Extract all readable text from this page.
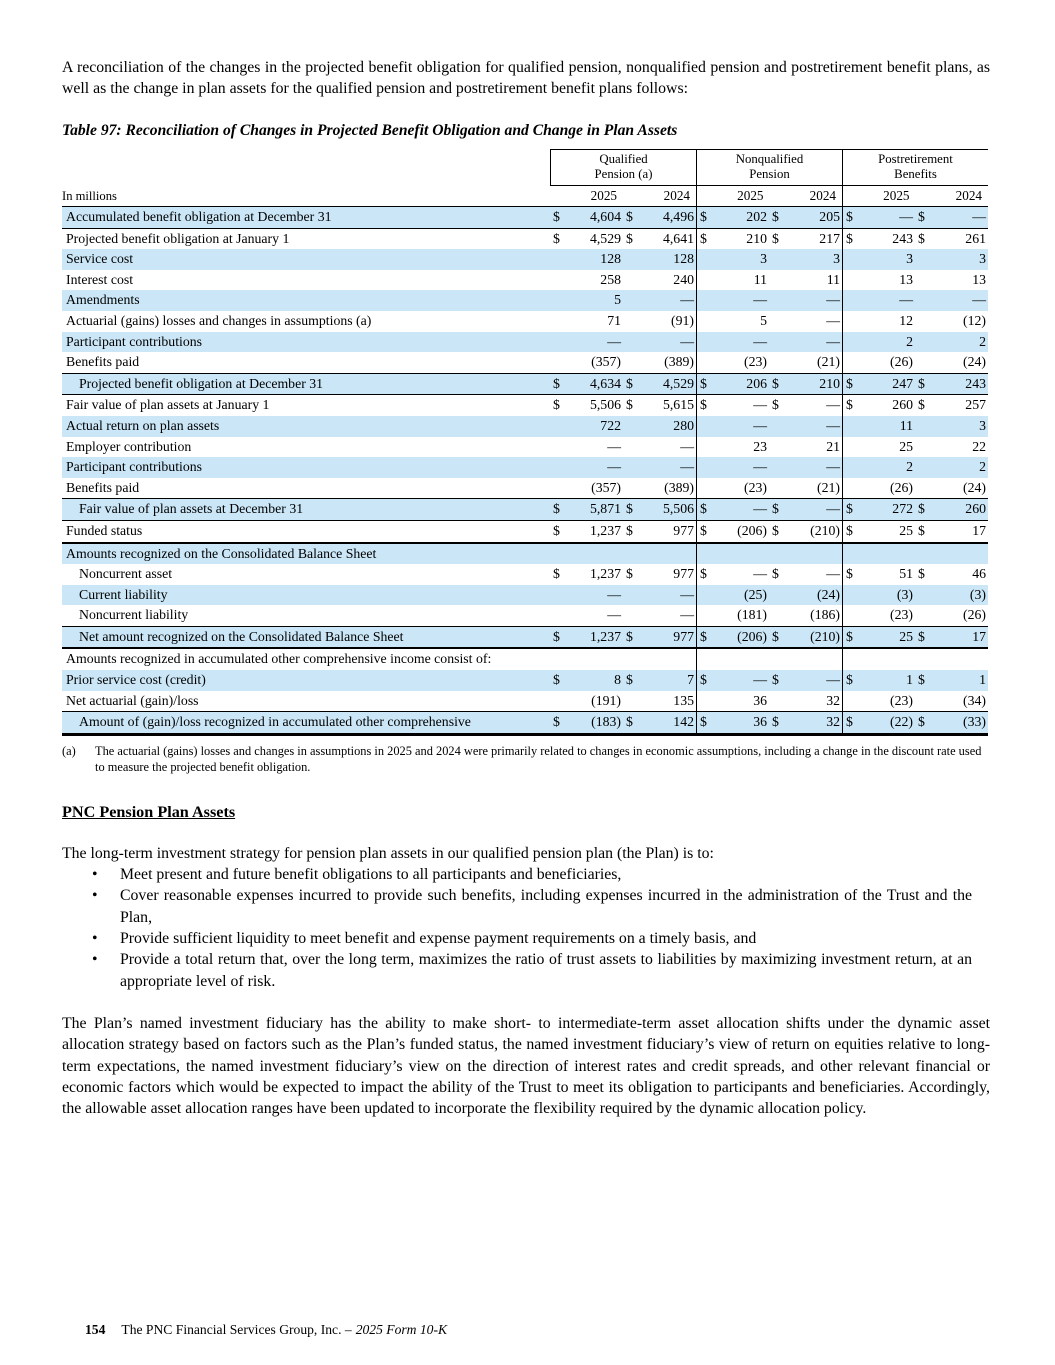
A reconciliation of the changes in the projected benefit obligation for qualified pension, nonqualified pension and postretirement benefit plans, as well as the change in plan assets for the qualified pension and postretirement benefit plans follows:

Table 97: Reconciliation of Changes in Projected Benefit Obligation and Change in Plan Assets

Qualified
Pension (a)
Nonqualified
Pension
Postretirement
Benefits
In millions	2025	2024	2025	2024	2025	2024
Accumulated benefit obligation at December 31	$	4,604 $	4,496 $	202 $	205 $	— $	—
Projected benefit obligation at January 1	$	4,529 $	4,641 $	210 $	217 $	243 $	261
Service cost	128	128	3	3	3	3
Interest cost	258	240	11	11	13	13
Amendments	5	—	—	—	—	—
Actuarial (gains) losses and changes in assumptions (a)	71	(91)	5	—	12	(12)
Participant contributions	—	—	—	—	2	2
Benefits paid	(357)	(389)	(23)	(21)	(26)	(24)
Projected benefit obligation at December 31	$	4,634 $	4,529 $	206 $	210 $	247 $	243
Fair value of plan assets at January 1	$	5,506 $	5,615 $	— $	— $	260 $	257
Actual return on plan assets	722	280	—	—	11	3
Employer contribution	—	—	23	21	25	22
Participant contributions	—	—	—	—	2	2
Benefits paid	(357)	(389)	(23)	(21)	(26)	(24)
Fair value of plan assets at December 31	$	5,871 $	5,506 $	— $	— $	272 $	260
Funded status	$	1,237 $	977 $	(206) $	(210) $	25 $	17
Amounts recognized on the Consolidated Balance Sheet
Noncurrent asset	$	1,237 $	977 $	— $	— $	51 $	46
Current liability	—	—	(25)	(24)	(3)	(3)
Noncurrent liability	—	—	(181)	(186)	(23)	(26)
Net amount recognized on the Consolidated Balance Sheet	$	1,237 $	977 $	(206) $	(210) $	25 $	17
Amounts recognized in accumulated other comprehensive income consist of:
Prior service cost (credit)	$	8 $	7 $	— $	— $	1 $	1
Net actuarial (gain)/loss	(191)	135	36	32	(23)	(34)
Amount of (gain)/loss recognized in accumulated other comprehensive	$	(183) $	142 $	36 $	32 $	(22) $	(33)
(a)	The actuarial (gains) losses and changes in assumptions in 2025 and 2024 were primarily related to changes in economic assumptions, including a change in the discount rate used to measure the projected benefit obligation.
PNC Pension Plan Assets

The long-term investment strategy for pension plan assets in our qualified pension plan (the Plan) is to:

•	Meet present and future benefit obligations to all participants and beneficiaries,
•	Cover reasonable expenses incurred to provide such benefits, including expenses incurred in the administration of the Trust and the Plan,
•	Provide sufficient liquidity to meet benefit and expense payment requirements on a timely basis, and
•	Provide a total return that, over the long term, maximizes the ratio of trust assets to liabilities by maximizing investment return, at an appropriate level of risk.

The Plan’s named investment fiduciary has the ability to make short- to intermediate-term asset allocation shifts under the dynamic asset allocation strategy based on factors such as the Plan’s funded status, the named investment fiduciary’s view of return on equities relative to long-term expectations, the named investment fiduciary’s view on the direction of interest rates and credit spreads, and other relevant financial or economic factors which would be expected to impact the ability of the Trust to meet its obligation to participants and beneficiaries. Accordingly, the allowable asset allocation ranges have been updated to incorporate the flexibility required by the dynamic allocation policy.

154 The PNC Financial Services Group, Inc. – 2025 Form 10-K
